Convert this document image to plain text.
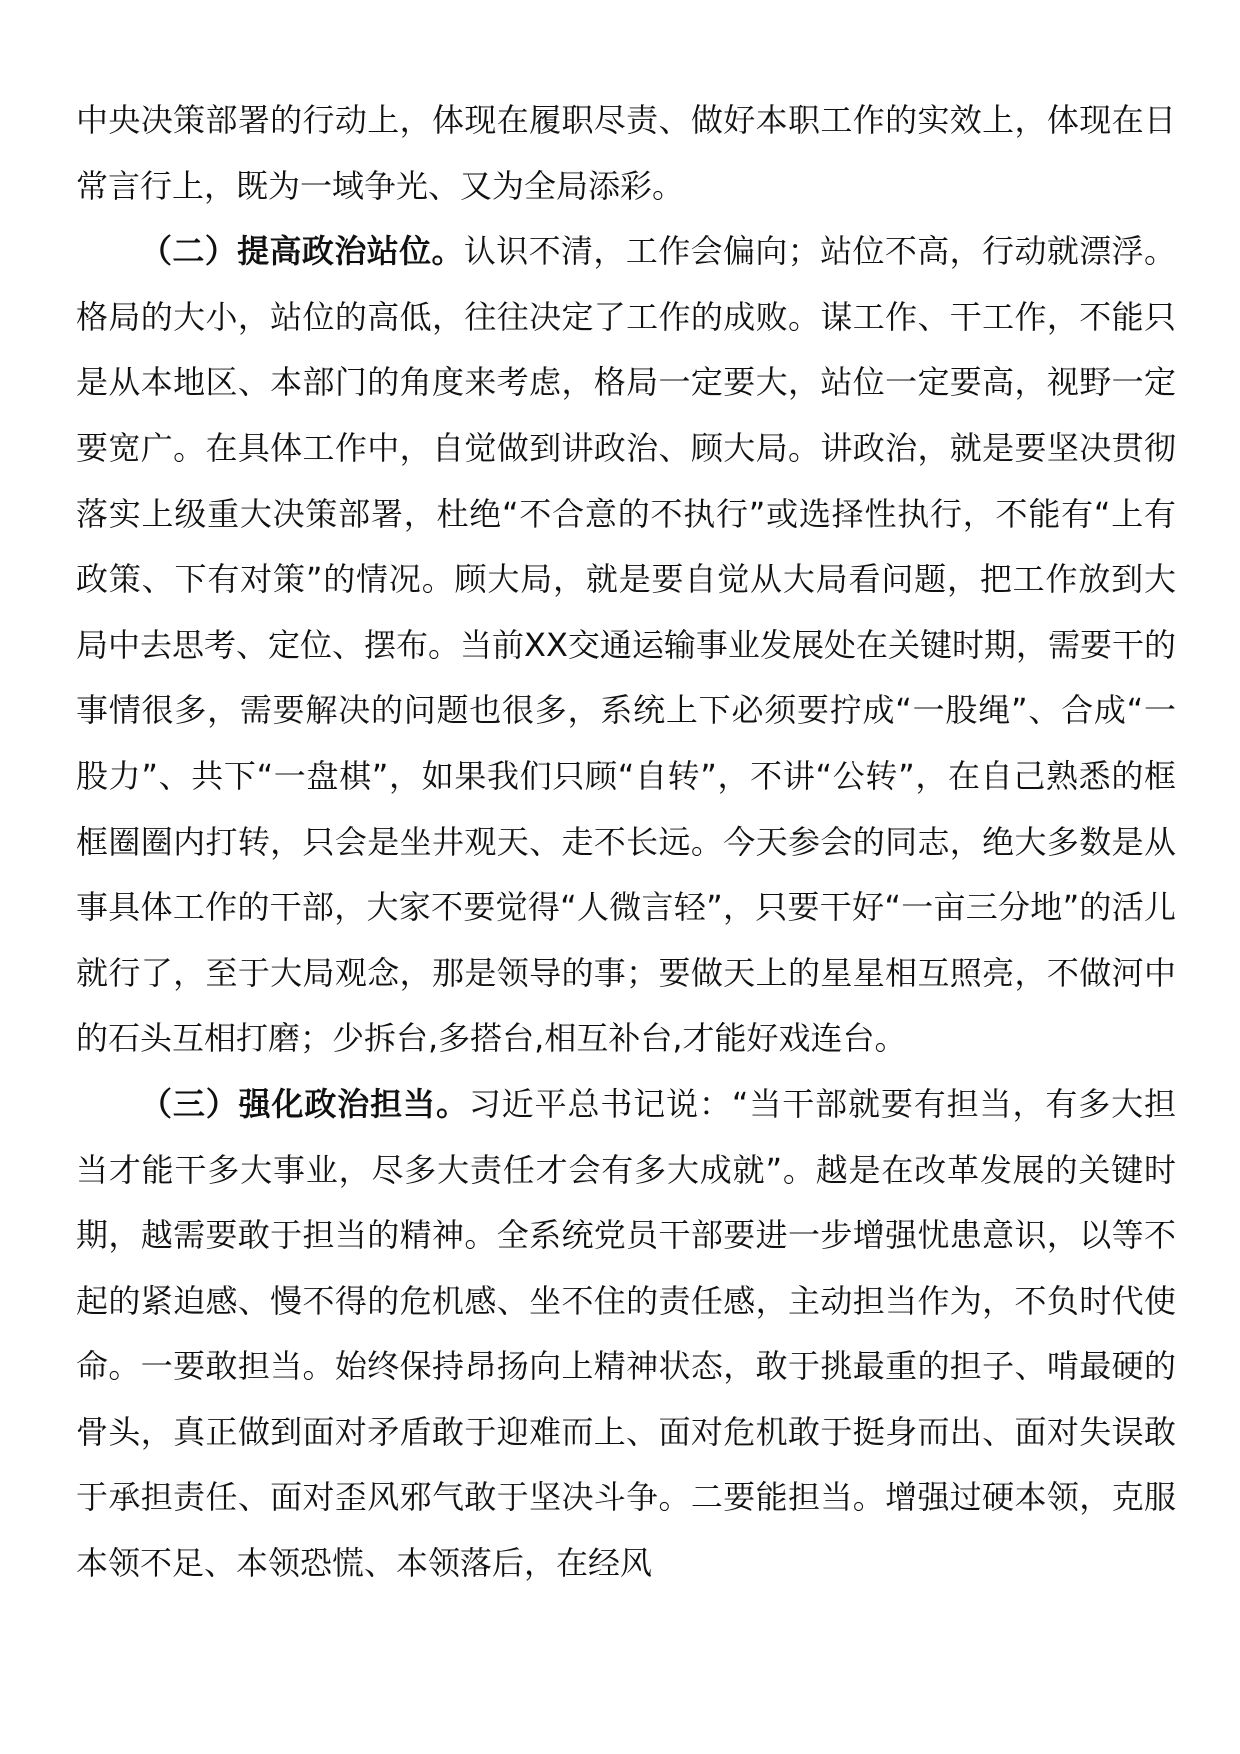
中央决策部署的行动上，体现在履职尽责、做好本职工作的实效上，体现在日常言行上，既为一域争光、又为全局添彩。

（二）提高政治站位。认识不清，工作会偏向；站位不高，行动就漂浮。格局的大小，站位的高低，往往决定了工作的成败。谋工作、干工作，不能只是从本地区、本部门的角度来考虑，格局一定要大，站位一定要高，视野一定要宽广。在具体工作中，自觉做到讲政治、顾大局。讲政治，就是要坚决贯彻落实上级重大决策部署，杜绝“不合意的不执行”或选择性执行，不能有“上有政策、下有对策”的情况。顾大局，就是要自觉从大局看问题，把工作放到大局中去思考、定位、摆布。当前XX交通运输事业发展处在关键时期，需要干的事情很多，需要解决的问题也很多，系统上下必须要拧成“一股绳”、合成“一股力”、共下“一盘棋”，如果我们只顾“自转”，不讲“公转”，在自己熟悉的框框圈圈内打转，只会是坐井观天、走不长远。今天参会的同志，绝大多数是从事具体工作的干部，大家不要觉得“人微言轻”，只要干好“一亩三分地”的活儿就行了，至于大局观念，那是领导的事；要做天上的星星相互照亮，不做河中的石头互相打磨；少拆台,多搭台,相互补台,才能好戏连台。

（三）强化政治担当。习近平总书记说：“当干部就要有担当，有多大担当才能干多大事业，尽多大责任才会有多大成就”。越是在改革发展的关键时期，越需要敢于担当的精神。全系统党员干部要进一步增强忧患意识，以等不起的紧迫感、慢不得的危机感、坐不住的责任感，主动担当作为，不负时代使命。一要敢担当。始终保持昂扬向上精神状态，敢于挑最重的担子、啃最硬的骨头，真正做到面对矛盾敢于迎难而上、面对危机敢于挺身而出、面对失误敢于承担责任、面对歪风邪气敢于坚决斗争。二要能担当。增强过硬本领，克服本领不足、本领恐慌、本领落后，在经风
